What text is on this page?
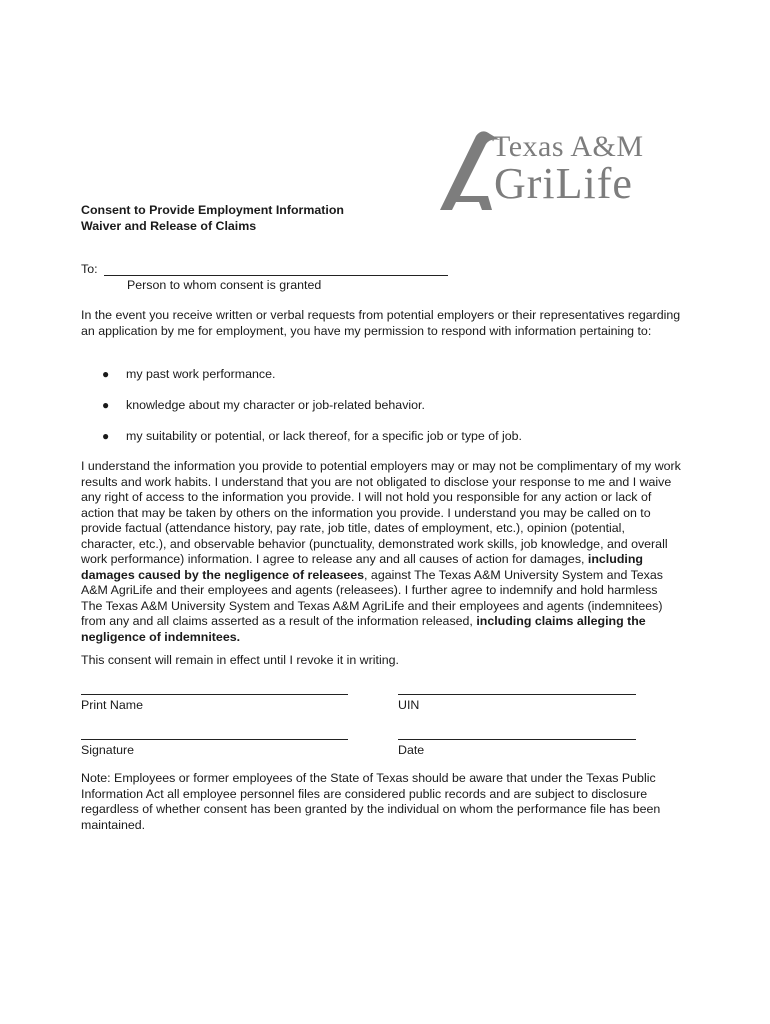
Texas A&M
GriLife
Consent to Provide Employment Information
Waiver and Release of Claims
To:
Person to whom consent is granted
In the event you receive written or verbal requests from potential employers or their representatives regarding an application by me for employment, you have my permission to respond with information pertaining to:
● my past work performance.
● knowledge about my character or job-related behavior.
● my suitability or potential, or lack thereof, for a specific job or type of job.
I understand the information you provide to potential employers may or may not be complimentary of my work results and work habits. I understand that you are not obligated to disclose your response to me and I waive any right of access to the information you provide. I will not hold you responsible for any action or lack of action that may be taken by others on the information you provide. I understand you may be called on to provide factual (attendance history, pay rate, job title, dates of employment, etc.), opinion (potential, character, etc.), and observable behavior (punctuality, demonstrated work skills, job knowledge, and overall work performance) information. I agree to release any and all causes of action for damages, including damages caused by the negligence of releasees, against The Texas A&M University System and Texas A&M AgriLife and their employees and agents (releasees). I further agree to indemnify and hold harmless The Texas A&M University System and Texas A&M AgriLife and their employees and agents (indemnitees) from any and all claims asserted as a result of the information released, including claims alleging the negligence of indemnitees.
This consent will remain in effect until I revoke it in writing.
Print Name	UIN
Signature	Date
Note: Employees or former employees of the State of Texas should be aware that under the Texas Public Information Act all employee personnel files are considered public records and are subject to disclosure regardless of whether consent has been granted by the individual on whom the performance file has been maintained.
